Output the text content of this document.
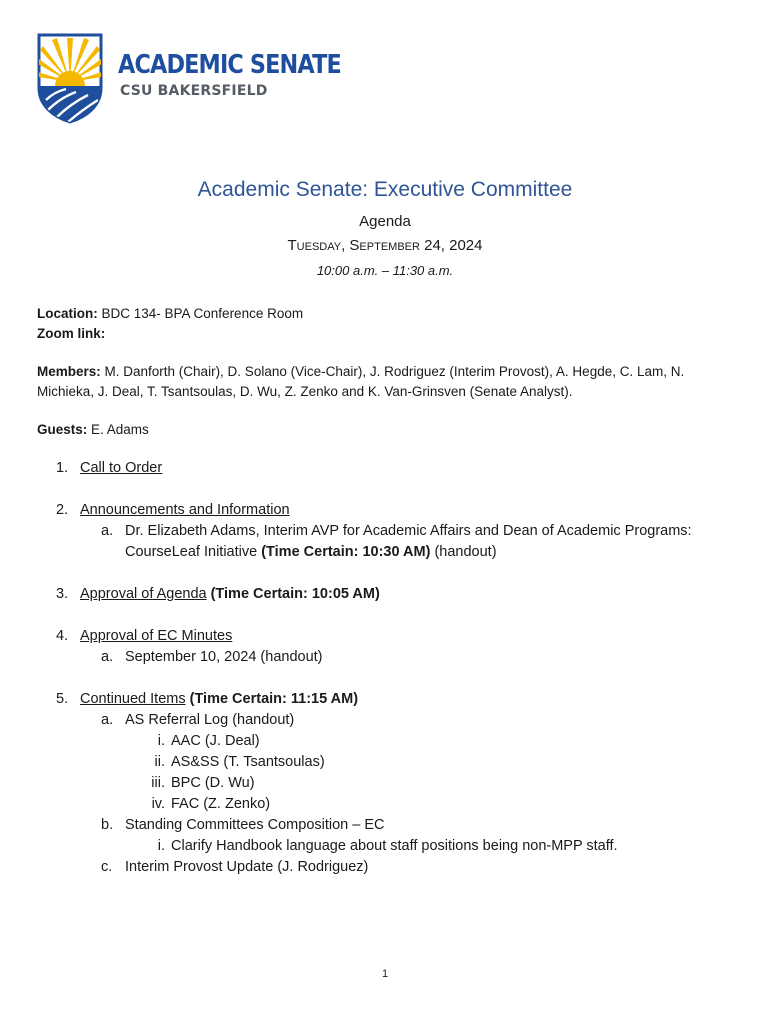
ACADEMIC SENATE
CSU BAKERSFIELD
Academic Senate: Executive Committee
Agenda
Tuesday, September 24, 2024
10:00 a.m. – 11:30 a.m.

Location: BDC 134- BPA Conference Room
Zoom link:

Members: M. Danforth (Chair), D. Solano (Vice-Chair), J. Rodriguez (Interim Provost), A. Hegde, C. Lam, N. Michieka, J. Deal, T. Tsantsoulas, D. Wu, Z. Zenko and K. Van-Grinsven (Senate Analyst).

Guests: E. Adams

1. Call to Order
2. Announcements and Information
a. Dr. Elizabeth Adams, Interim AVP for Academic Affairs and Dean of Academic Programs: CourseLeaf Initiative (Time Certain: 10:30 AM) (handout)
3. Approval of Agenda (Time Certain: 10:05 AM)
4. Approval of EC Minutes
a. September 10, 2024 (handout)
5. Continued Items (Time Certain: 11:15 AM)
a. AS Referral Log (handout)
i. AAC (J. Deal)
ii. AS&SS (T. Tsantsoulas)
iii. BPC (D. Wu)
iv. FAC (Z. Zenko)
b. Standing Committees Composition – EC
i. Clarify Handbook language about staff positions being non-MPP staff.
c. Interim Provost Update (J. Rodriguez)
1
